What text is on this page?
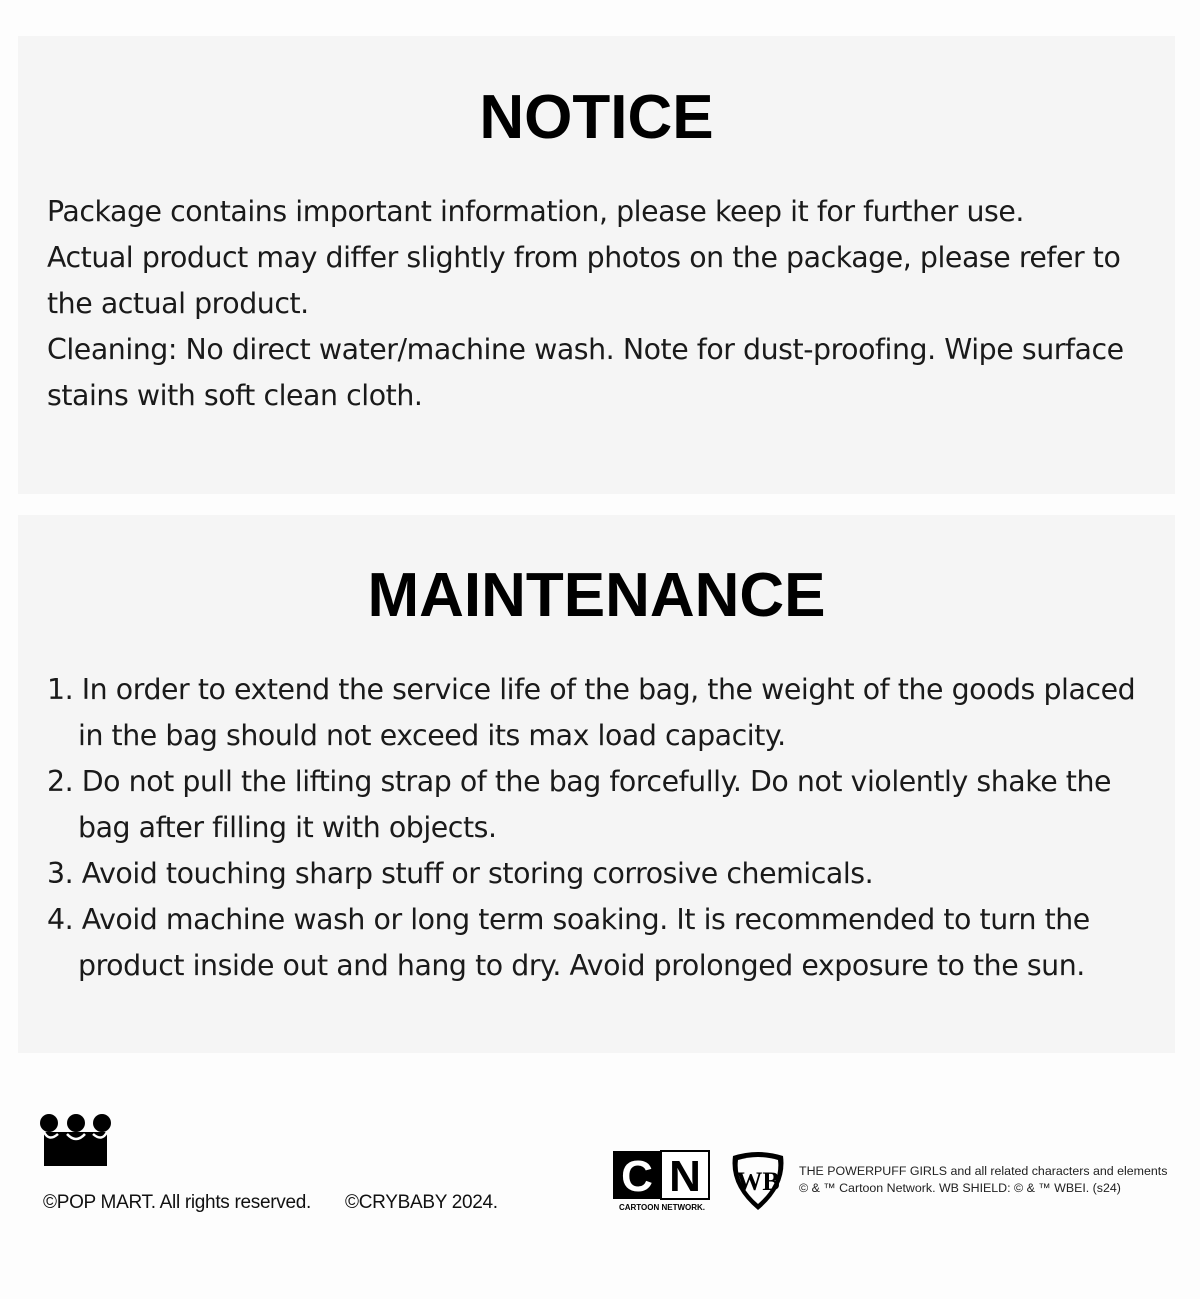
NOTICE

Package contains important information, please keep it for further use.

Actual product may differ slightly from photos on the package, please refer to the actual product.

Cleaning: No direct water/machine wash. Note for dust-proofing. Wipe surface stains with soft clean cloth.

MAINTENANCE
1. In order to extend the service life of the bag, the weight of the goods placed in the bag should not exceed its max load capacity.
2. Do not pull the lifting strap of the bag forcefully. Do not violently shake the bag after filling it with objects.
3. Avoid touching sharp stuff or storing corrosive chemicals.
4. Avoid machine wash or long term soaking. It is recommended to turn the product inside out and hang to dry. Avoid prolonged exposure to the sun.
©POP MART. All rights reserved. ©CRYBABY 2024.
C N
CARTOON NETWORK.
WB THE POWERPUFF GIRLS and all related characters and elements
© & ™ Cartoon Network. WB SHIELD: © & ™ WBEI. (s24)
